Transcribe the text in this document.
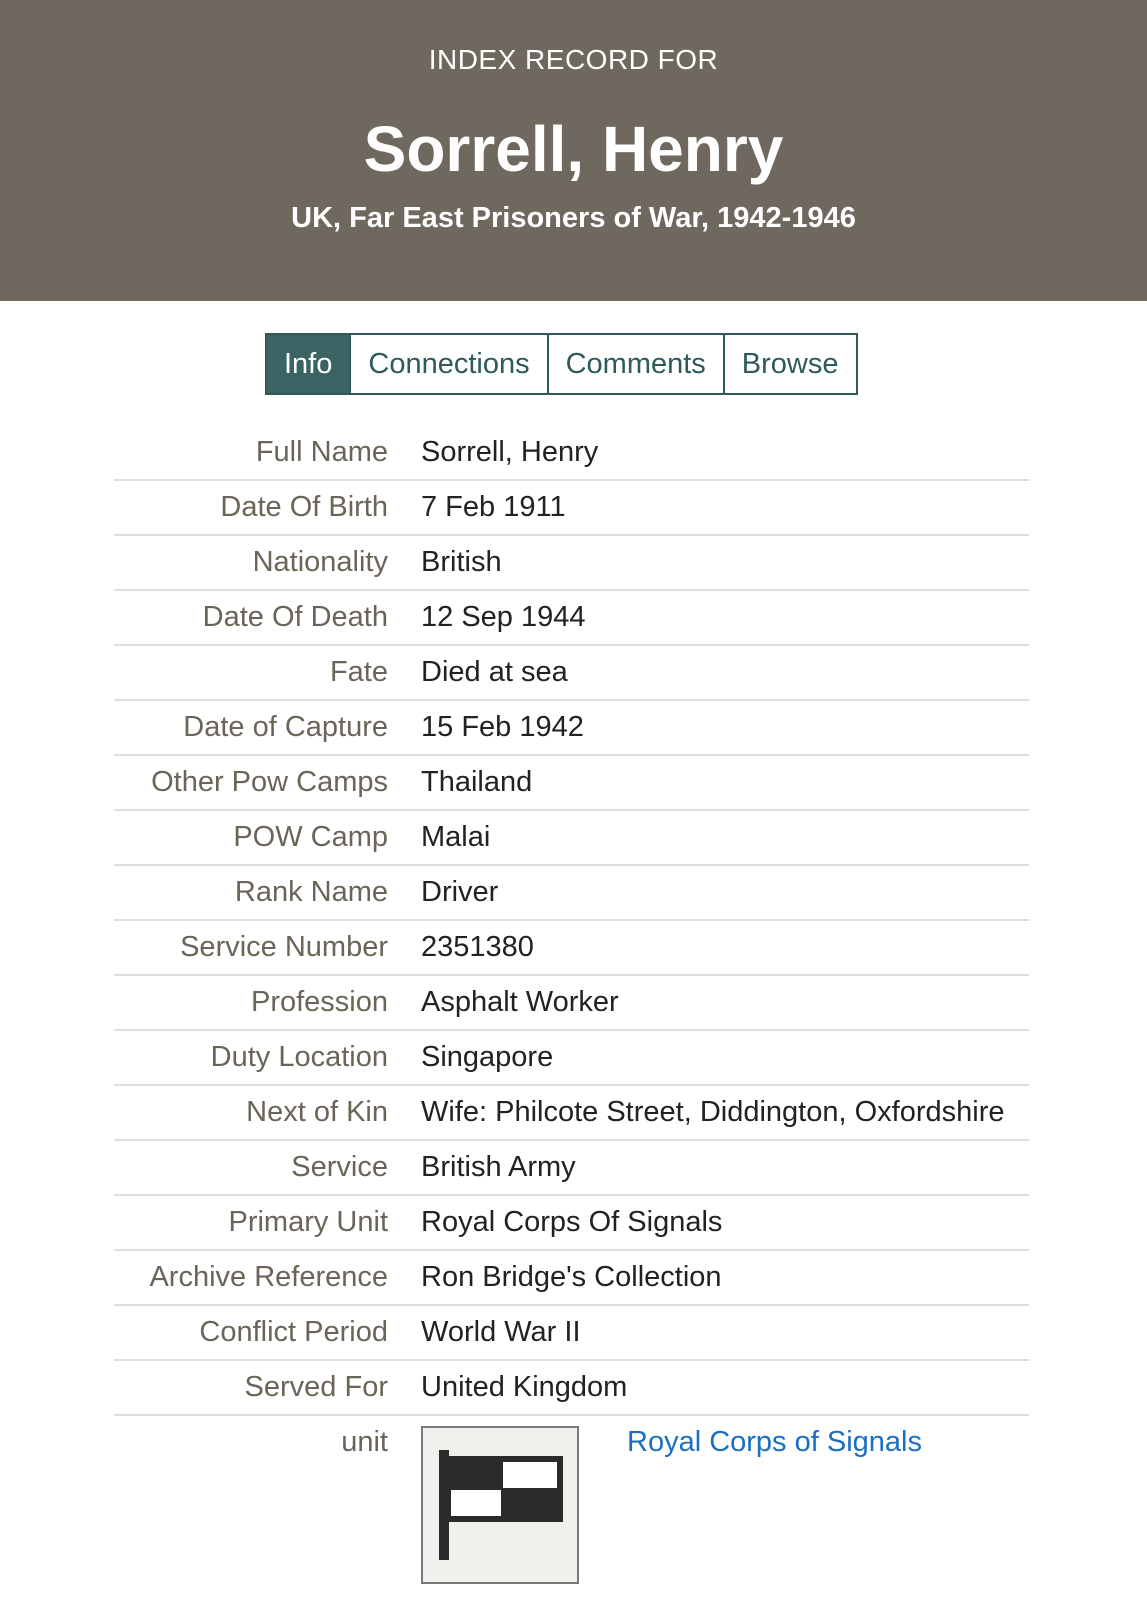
INDEX RECORD FOR
Sorrell, Henry
UK, Far East Prisoners of War, 1942-1946
Info	Connections	Comments	Browse
Full Name	Sorrell, Henry
Date Of Birth	7 Feb 1911
Nationality	British
Date Of Death	12 Sep 1944
Fate	Died at sea
Date of Capture	15 Feb 1942
Other Pow Camps	Thailand
POW Camp	Malai
Rank Name	Driver
Service Number	2351380
Profession	Asphalt Worker
Duty Location	Singapore
Next of Kin	Wife: Philcote Street, Diddington, Oxfordshire
Service	British Army
Primary Unit	Royal Corps Of Signals
Archive Reference	Ron Bridge's Collection
Conflict Period	World War II
Served For	United Kingdom
unit	Royal Corps of Signals
